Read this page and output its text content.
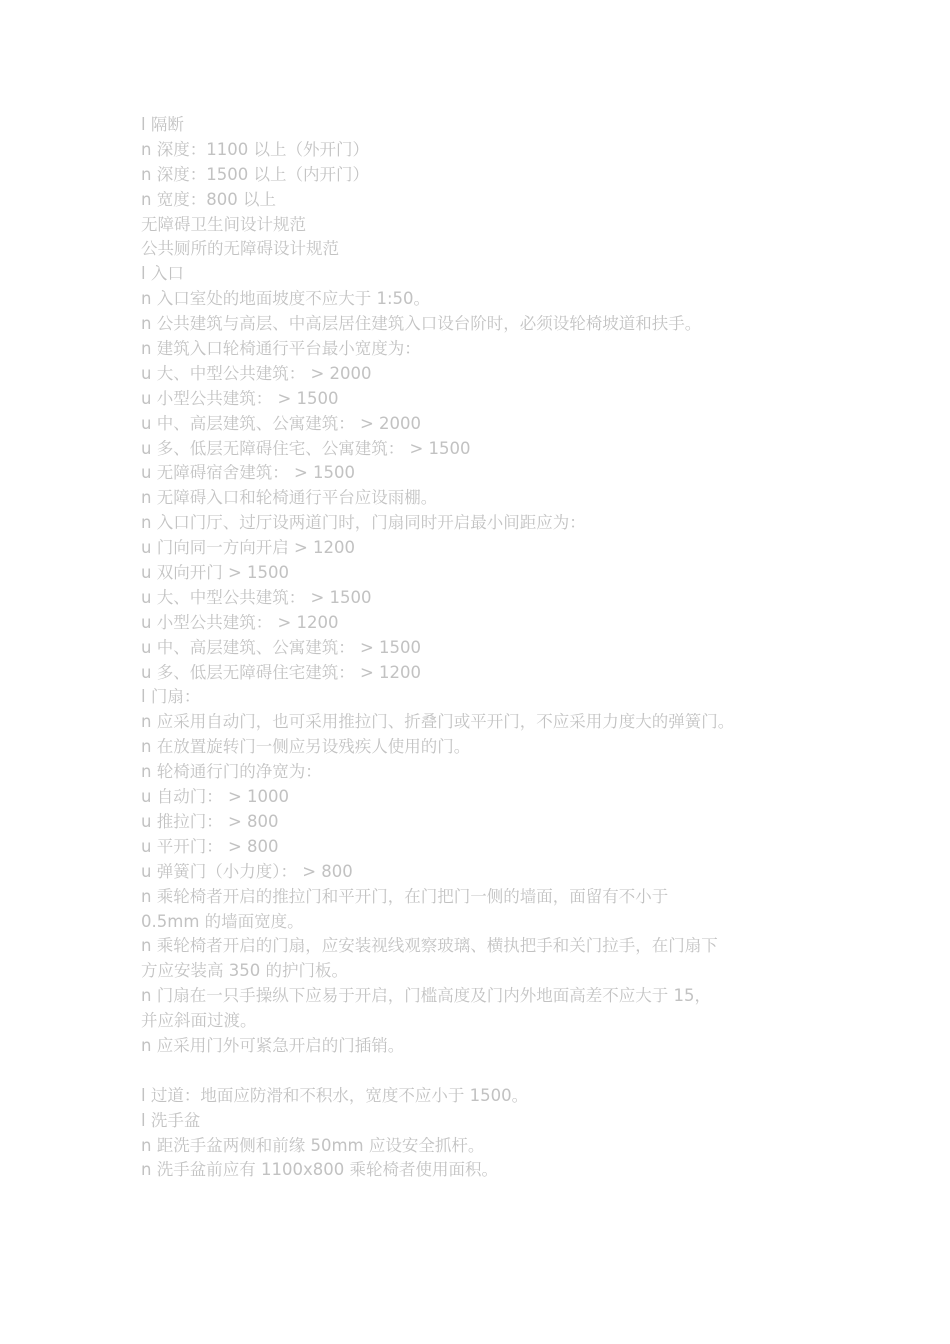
l 隔断
n 深度：1100 以上（外开门）
n 深度：1500 以上（内开门）
n 宽度：800 以上
无障碍卫生间设计规范
公共厕所的无障碍设计规范
l 入口
n 入口室处的地面坡度不应大于 1:50。
n 公共建筑与高层、中高层居住建筑入口设台阶时，必须设轮椅坡道和扶手。
n 建筑入口轮椅通行平台最小宽度为：
u 大、中型公共建筑： > 2000
u 小型公共建筑： > 1500
u 中、高层建筑、公寓建筑： > 2000
u 多、低层无障碍住宅、公寓建筑： > 1500
u 无障碍宿舍建筑： > 1500
n 无障碍入口和轮椅通行平台应设雨棚。
n 入口门厅、过厅设两道门时，门扇同时开启最小间距应为：
u 门向同一方向开启 > 1200
u 双向开门 > 1500
u 大、中型公共建筑： > 1500
u 小型公共建筑： > 1200
u 中、高层建筑、公寓建筑： > 1500
u 多、低层无障碍住宅建筑： > 1200
l 门扇：
n 应采用自动门，也可采用推拉门、折叠门或平开门，不应采用力度大的弹簧门。
n 在放置旋转门一侧应另设残疾人使用的门。
n 轮椅通行门的净宽为：
u 自动门： > 1000
u 推拉门： > 800
u 平开门： > 800
u 弹簧门（小力度）： > 800
n 乘轮椅者开启的推拉门和平开门，在门把门一侧的墙面，面留有不小于
0.5mm 的墙面宽度。
n 乘轮椅者开启的门扇，应安装视线观察玻璃、横执把手和关门拉手，在门扇下
方应安装高 350 的护门板。
n 门扇在一只手操纵下应易于开启，门槛高度及门内外地面高差不应大于 15，
并应斜面过渡。
n 应采用门外可紧急开启的门插销。
l 过道：地面应防滑和不积水，宽度不应小于 1500。
l 洗手盆
n 距洗手盆两侧和前缘 50mm 应设安全抓杆。
n 洗手盆前应有 1100x800 乘轮椅者使用面积。
